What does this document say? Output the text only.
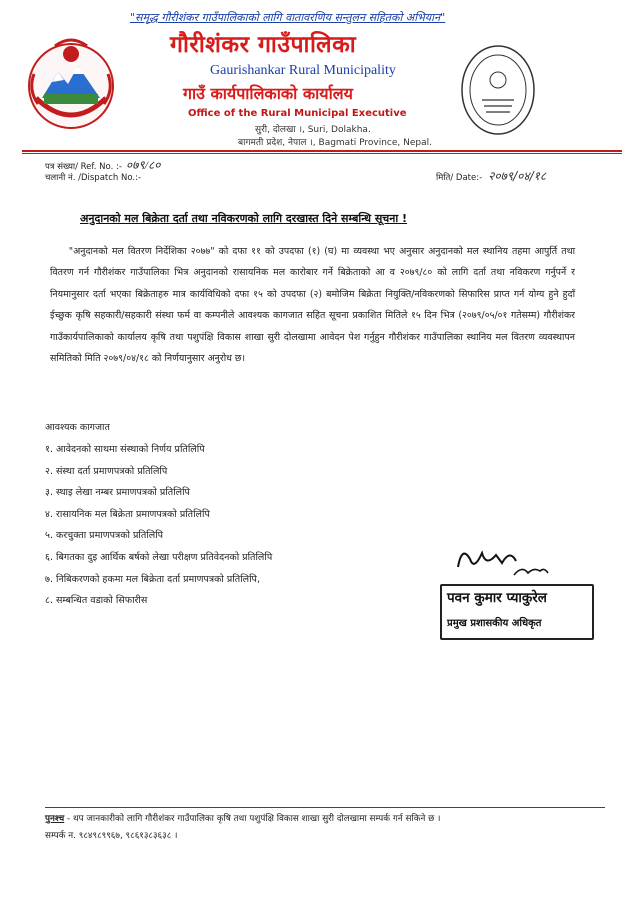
"समृद्ध गौरीशंकर गाउँपालिकाको लागि वातावरणिय सन्तुलन सहितको अभियान"
गौरीशंकर गाउँपालिका
Gaurishankar Rural Municipality
गाउँ कार्यपालिकाको कार्यालय
Office of the Rural Municipal Executive
सुरी, दोलखा ।, Suri, Dolakha.
बागमती प्रदेश, नेपाल ।, Bagmati Province, Nepal.
पत्र संख्या/ Ref. No. :- ०७९/८०
चलानी नं. /Dispatch No.:-	मिति/ Date:- २०७९/०४/१८
अनुदानको मल बिक्रेता दर्ता तथा नविकरणको लागि दरखास्त दिने सम्बन्धि सूचना !
"अनुदानको मल वितरण निर्देशिका २०७७" को दफा ११ को उपदफा (१) (घ) मा व्यवस्था भए अनुसार अनुदानको मल स्थानिय तहमा आपुर्ति तथा वितरण गर्न गौरीशंकर गाउँपालिका भित्र अनुदानको रासायनिक मल कारोबार गर्ने बिक्रेताको आ व २०७९/८० को लागि दर्ता तथा नविकरण गर्नुपर्ने र नियमानुसार दर्ता भएका बिक्रेताहरु मात्र कार्यविधिको दफा १५ को उपदफा (२) बमोजिम बिक्रेता नियुक्ति/नविकरणको सिफारिस प्राप्त गर्न योग्य हुने हुदाँ ईच्छुक कृषि सहकारी/सहकारी संस्था फर्म वा कम्पनीले आवश्यक कागजात सहित सूचना प्रकाशित मितिले १५ दिन भित्र (२०७९/०५/०१ गतेसम्म) गौरीशंकर गाउँकार्यपालिकाको कार्यालय कृषि तथा पशुपंक्षि विकास शाखा सुरी दोलखामा आवेदन पेश गर्नुहुन गौरीशंकर गाउँपालिका स्थानिय मल वितरण व्यवस्थापन समितिको मिति २०७९/०४/१८ को निर्णयानुसार अनुरोध छ।
आवश्यक कागजात
१. आवेदनको साथमा संस्थाको निर्णय प्रतिलिपि
२. संस्था दर्ता प्रमाणपत्रको प्रतिलिपि
३. स्थाइ लेखा नम्बर प्रमाणपत्रको प्रतिलिपि
४. रासायनिक मल बिक्रेता प्रमाणपत्रको प्रतिलिपि
५. करचुक्ता प्रमाणपत्रको प्रतिलिपि
६. बिगतका दुइ आर्थिक बर्षको लेखा परीक्षण प्रतिवेदनको प्रतिलिपि
७. निबिकरणको हकमा मल बिक्रेता दर्ता प्रमाणपत्रको प्रतिलिपि,
८. सम्बन्धित वडाको सिफारीस	पवन कुमार प्याकुरेल
प्रमुख प्रशासकीय अधिकृत
पुनश्च - थप जानकारीको लागि गौरीशंकर गाउँपालिका कृषि तथा पशुपंक्षि विकास शाखा सुरी दोलखामा सम्पर्क गर्न सकिने छ ।
सम्पर्क न. ९८४९८९९६७, ९८६१३८३६३८ ।
